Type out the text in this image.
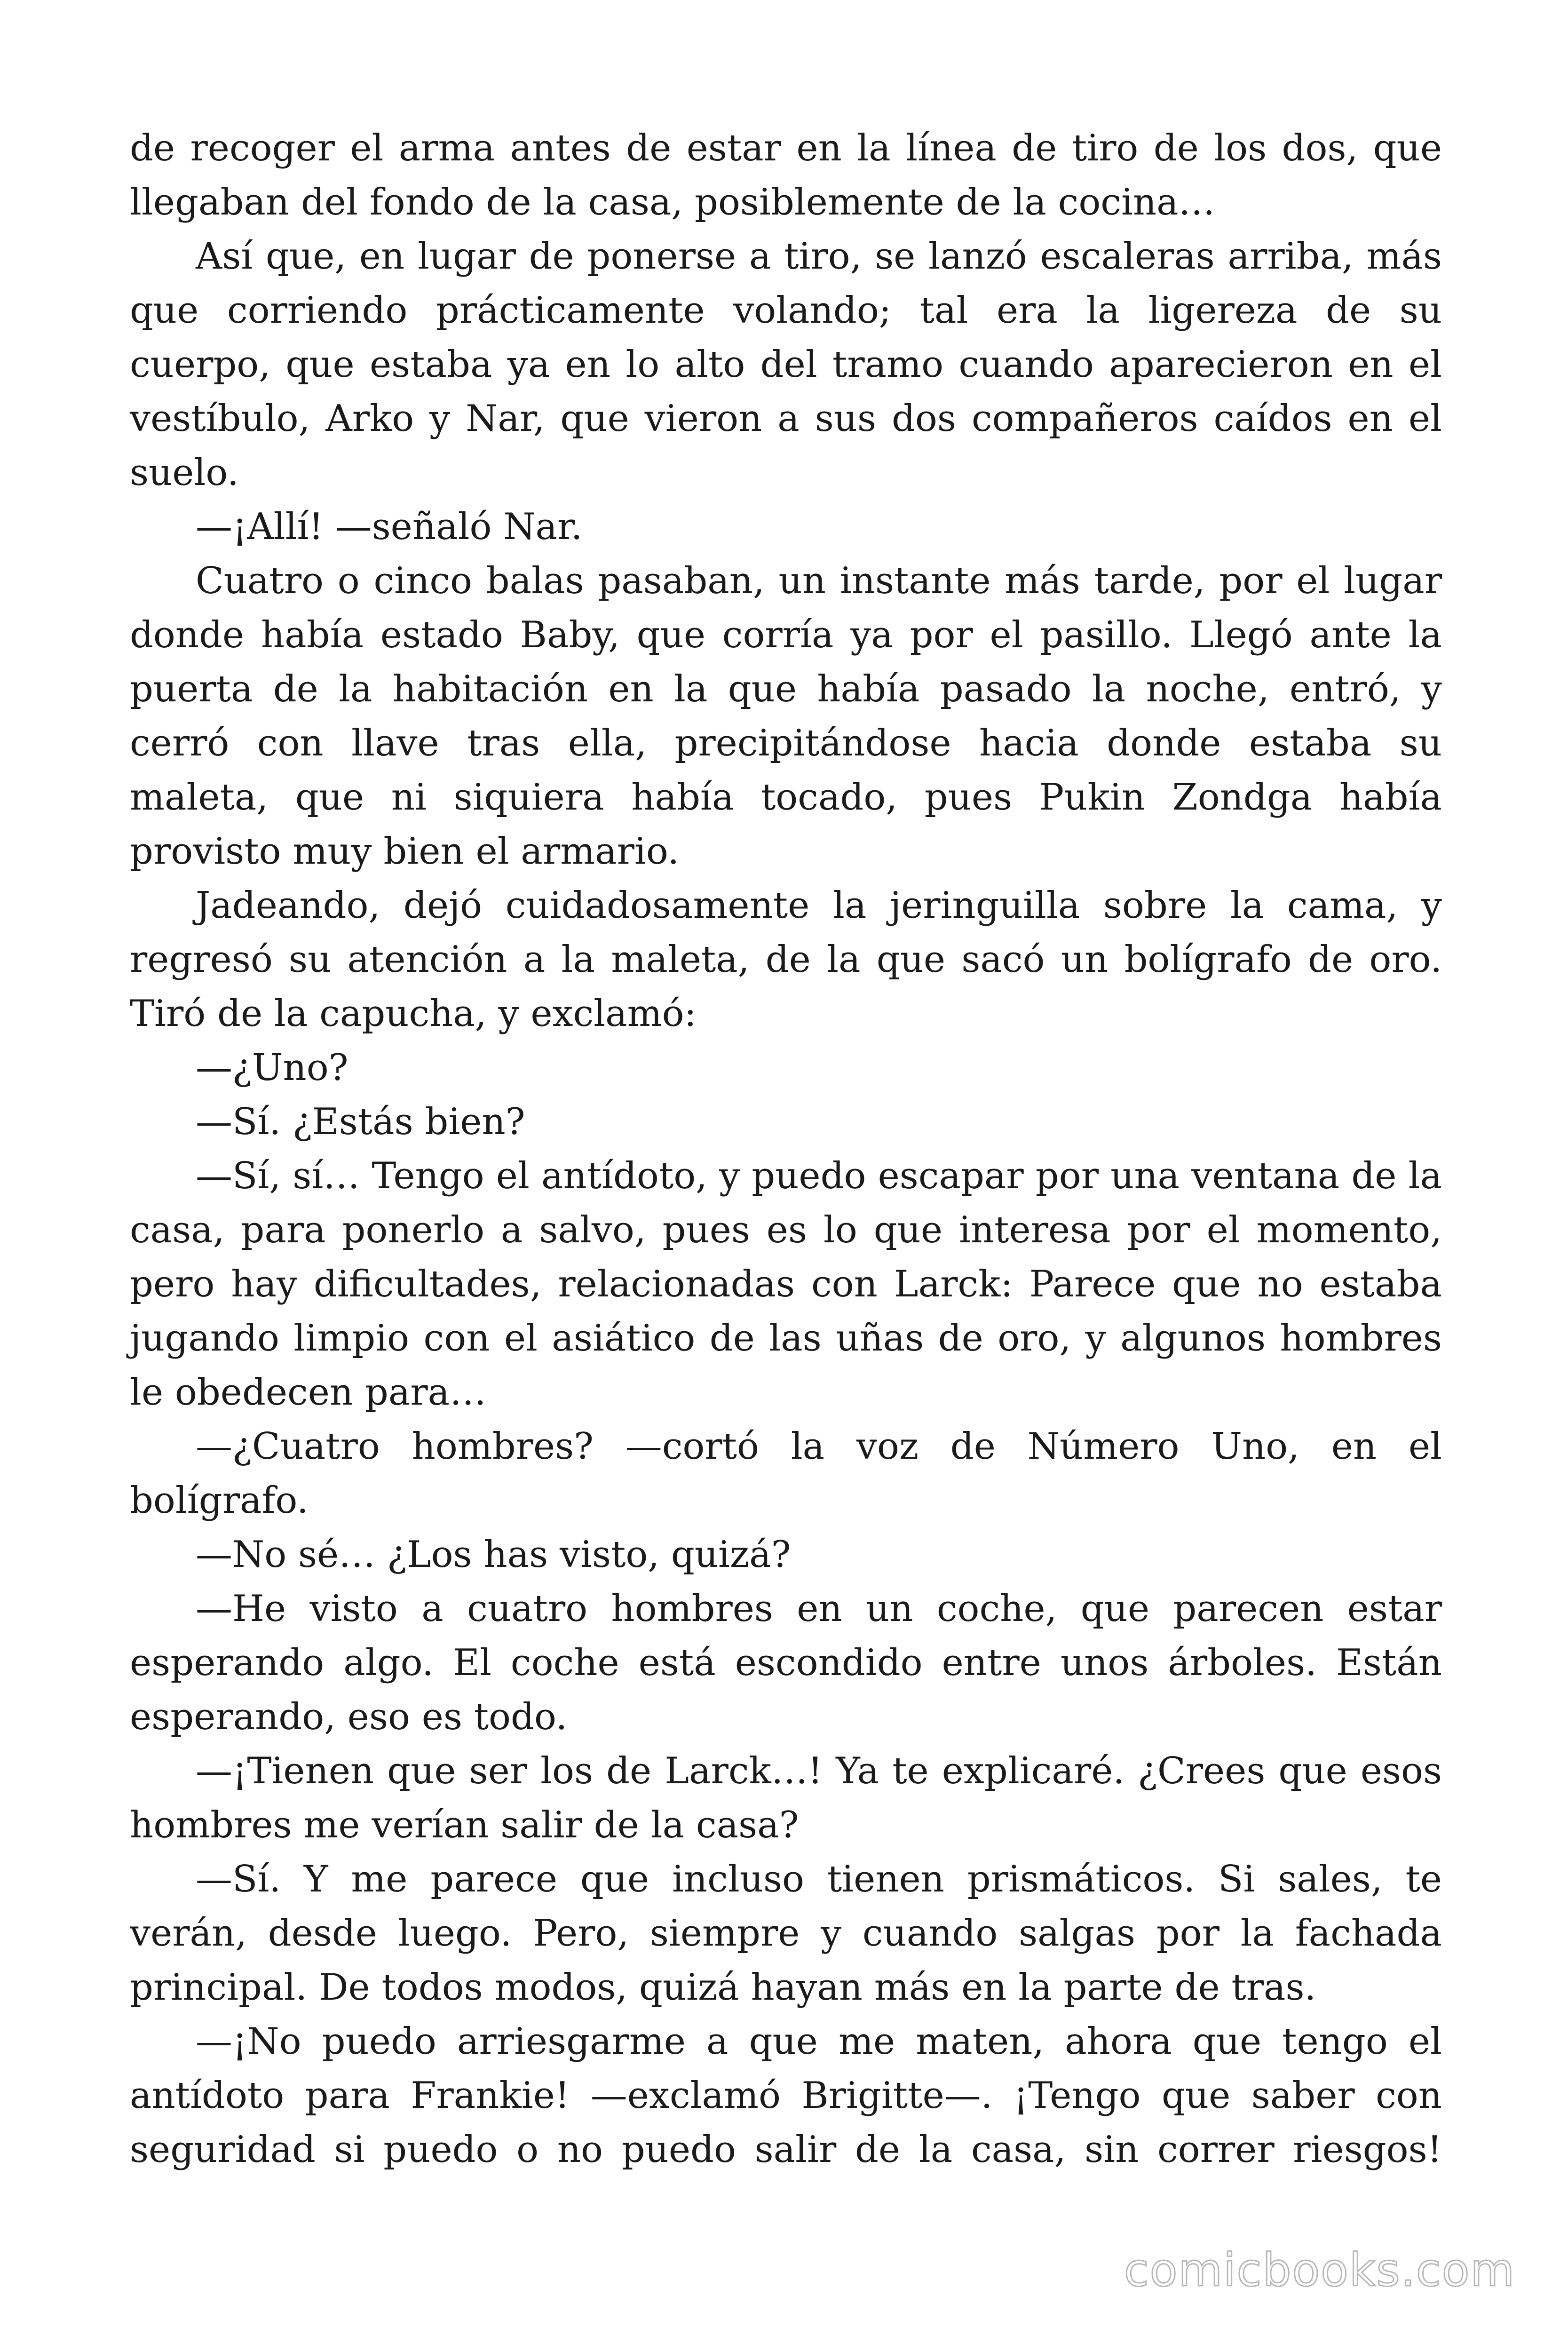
de recoger el arma antes de estar en la línea de tiro de los dos, que llegaban del fondo de la casa, posiblemente de la cocina…

Así que, en lugar de ponerse a tiro, se lanzó escaleras arriba, más que corriendo prácticamente volando; tal era la ligereza de su cuerpo, que estaba ya en lo alto del tramo cuando aparecieron en el vestíbulo, Arko y Nar, que vieron a sus dos compañeros caídos en el suelo.

—¡Allí! —señaló Nar.

Cuatro o cinco balas pasaban, un instante más tarde, por el lugar donde había estado Baby, que corría ya por el pasillo. Llegó ante la puerta de la habitación en la que había pasado la noche, entró, y cerró con llave tras ella, precipitándose hacia donde estaba su maleta, que ni siquiera había tocado, pues Pukin Zondga había provisto muy bien el armario.

Jadeando, dejó cuidadosamente la jeringuilla sobre la cama, y regresó su atención a la maleta, de la que sacó un bolígrafo de oro. Tiró de la capucha, y exclamó:

—¿Uno?

—Sí. ¿Estás bien?

—Sí, sí… Tengo el antídoto, y puedo escapar por una ventana de la casa, para ponerlo a salvo, pues es lo que interesa por el momento, pero hay dificultades, relacionadas con Larck: Parece que no estaba jugando limpio con el asiático de las uñas de oro, y algunos hombres le obedecen para…

—¿Cuatro hombres? —cortó la voz de Número Uno, en el bolígrafo.

—No sé… ¿Los has visto, quizá?

—He visto a cuatro hombres en un coche, que parecen estar esperando algo. El coche está escondido entre unos árboles. Están esperando, eso es todo.

—¡Tienen que ser los de Larck…! Ya te explicaré. ¿Crees que esos hombres me verían salir de la casa?

—Sí. Y me parece que incluso tienen prismáticos. Si sales, te verán, desde luego. Pero, siempre y cuando salgas por la fachada principal. De todos modos, quizá hayan más en la parte de tras.

—¡No puedo arriesgarme a que me maten, ahora que tengo el antídoto para Frankie! —exclamó Brigitte—. ¡Tengo que saber con seguridad si puedo o no puedo salir de la casa, sin correr riesgos!

comicbooks.com
